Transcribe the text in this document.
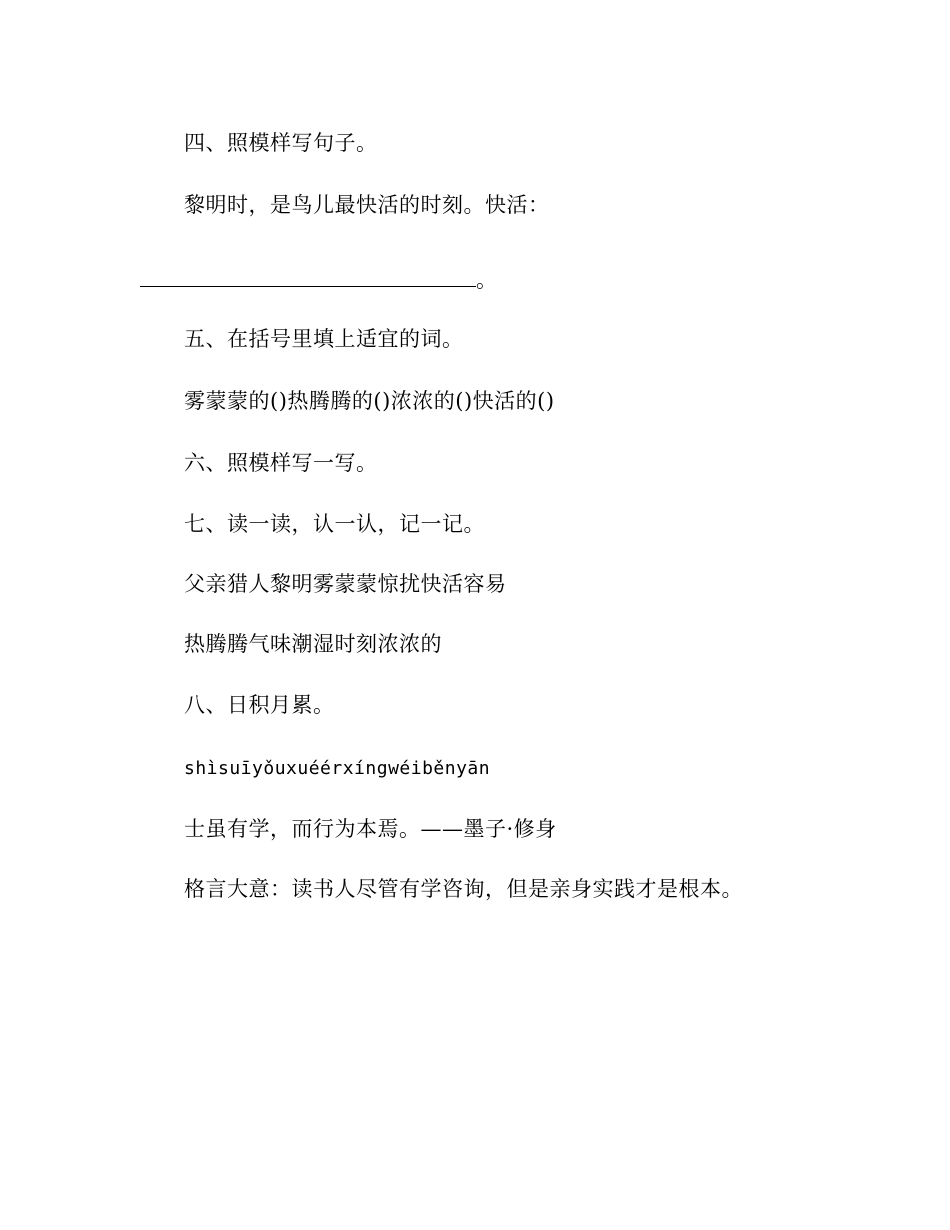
四、照模样写句子。
黎明时，是鸟儿最快活的时刻。快活：
。
五、在括号里填上适宜的词。
雾蒙蒙的()热腾腾的()浓浓的()快活的()
六、照模样写一写。
七、读一读，认一认，记一记。
父亲猎人黎明雾蒙蒙惊扰快活容易
热腾腾气味潮湿时刻浓浓的
八、日积月累。
shìsuīyǒuxuéérxíngwéiběnyān
士虽有学，而行为本焉。——墨子·修身
格言大意：读书人尽管有学咨询，但是亲身实践才是根本。
